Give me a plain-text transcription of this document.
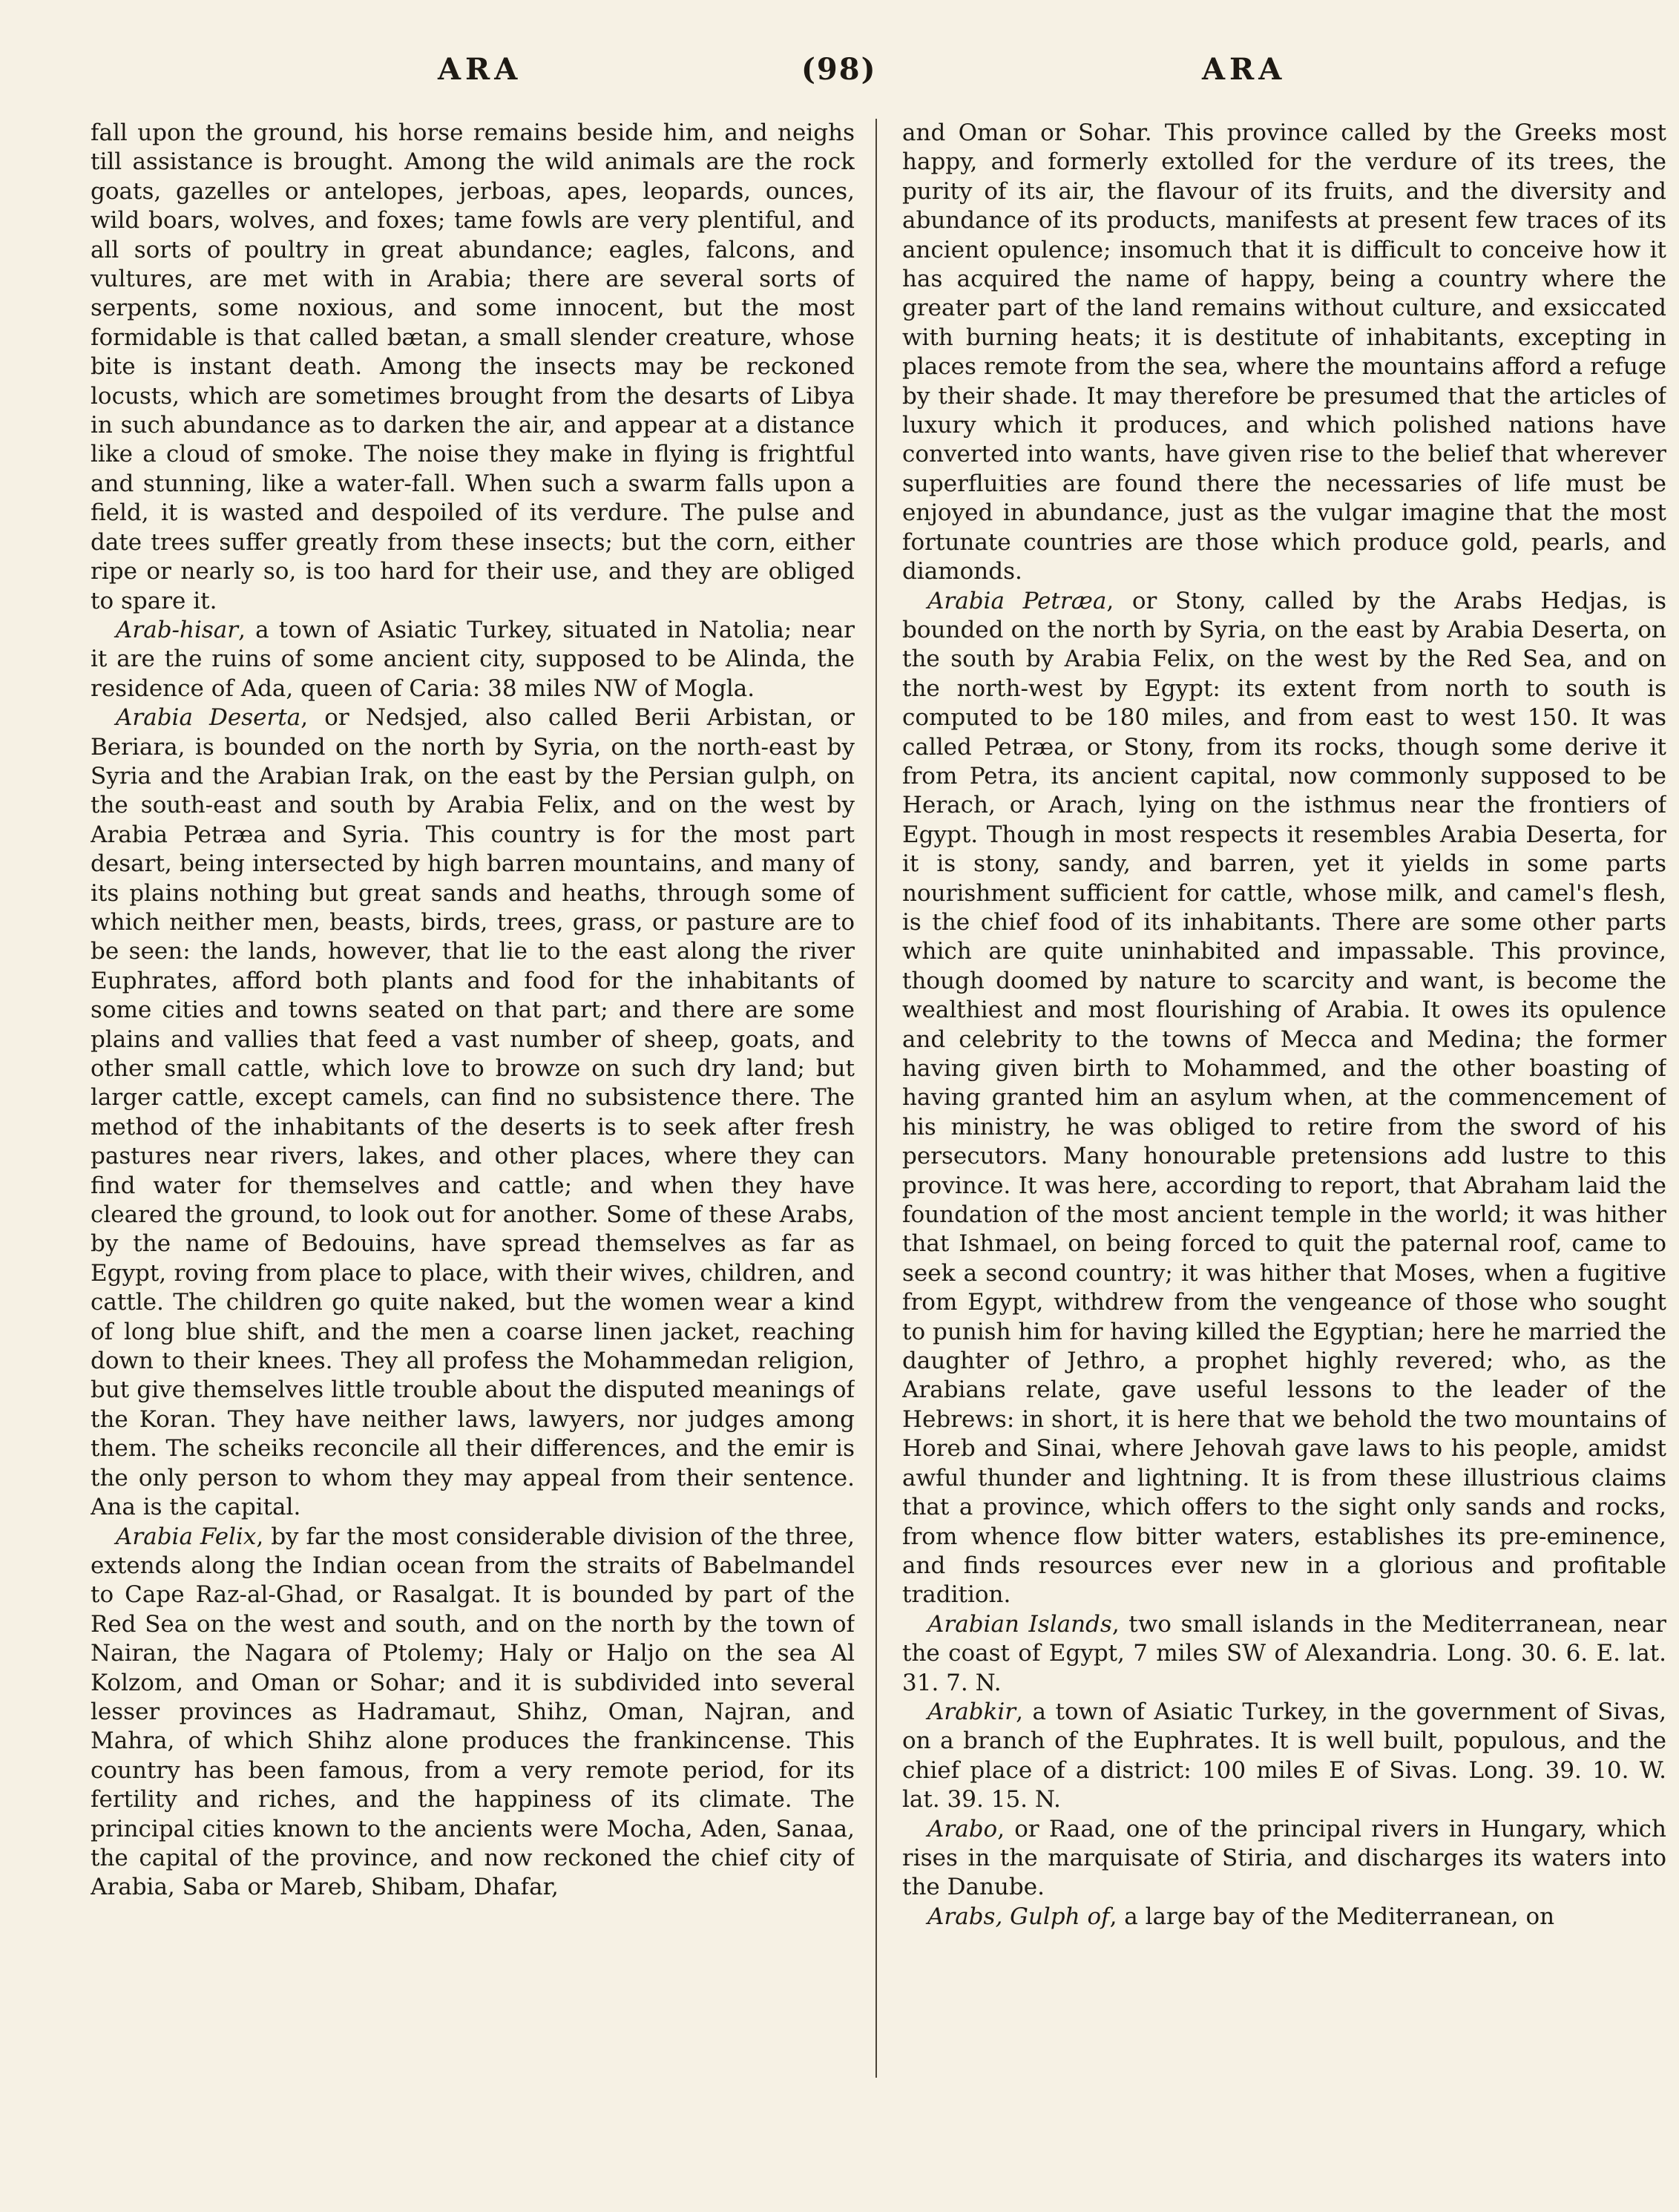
ARA	(98)	ARA

fall upon the ground, his horse remains beside him, and neighs till assistance is brought. Among the wild animals are the rock goats, gazelles or antelopes, jerboas, apes, leopards, ounces, wild boars, wolves, and foxes; tame fowls are very plentiful, and all sorts of poultry in great abundance; eagles, falcons, and vultures, are met with in Arabia; there are several sorts of serpents, some noxious, and some innocent, but the most formidable is that called bætan, a small slender creature, whose bite is instant death. Among the insects may be reckoned locusts, which are sometimes brought from the desarts of Libya in such abundance as to darken the air, and appear at a distance like a cloud of smoke. The noise they make in flying is frightful and stunning, like a water-fall. When such a swarm falls upon a field, it is wasted and despoiled of its verdure. The pulse and date trees suffer greatly from these insects; but the corn, either ripe or nearly so, is too hard for their use, and they are obliged to spare it.

Arab-hisar, a town of Asiatic Turkey, situated in Natolia; near it are the ruins of some ancient city, supposed to be Alinda, the residence of Ada, queen of Caria: 38 miles NW of Mogla.

Arabia Deserta, or Nedsjed, also called Berii Arbistan, or Beriara, is bounded on the north by Syria, on the north-east by Syria and the Arabian Irak, on the east by the Persian gulph, on the south-east and south by Arabia Felix, and on the west by Arabia Petræa and Syria. This country is for the most part desart, being intersected by high barren mountains, and many of its plains nothing but great sands and heaths, through some of which neither men, beasts, birds, trees, grass, or pasture are to be seen: the lands, however, that lie to the east along the river Euphrates, afford both plants and food for the inhabitants of some cities and towns seated on that part; and there are some plains and vallies that feed a vast number of sheep, goats, and other small cattle, which love to browze on such dry land; but larger cattle, except camels, can find no subsistence there. The method of the inhabitants of the deserts is to seek after fresh pastures near rivers, lakes, and other places, where they can find water for themselves and cattle; and when they have cleared the ground, to look out for another. Some of these Arabs, by the name of Bedouins, have spread themselves as far as Egypt, roving from place to place, with their wives, children, and cattle. The children go quite naked, but the women wear a kind of long blue shift, and the men a coarse linen jacket, reaching down to their knees. They all profess the Mohammedan religion, but give themselves little trouble about the disputed meanings of the Koran. They have neither laws, lawyers, nor judges among them. The scheiks reconcile all their differences, and the emir is the only person to whom they may appeal from their sentence. Ana is the capital.

Arabia Felix, by far the most considerable division of the three, extends along the Indian ocean from the straits of Babelmandel to Cape Raz-al-Ghad, or Rasalgat. It is bounded by part of the Red Sea on the west and south, and on the north by the town of Nairan, the Nagara of Ptolemy; Haly or Haljo on the sea Al Kolzom, and Oman or Sohar; and it is subdivided into several lesser provinces as Hadramaut, Shihz, Oman, Najran, and Mahra, of which Shihz alone produces the frankincense. This country has been famous, from a very remote period, for its fertility and riches, and the happiness of its climate. The principal cities known to the ancients were Mocha, Aden, Sanaa, the capital of the province, and now reckoned the chief city of Arabia, Saba or Mareb, Shibam, Dhafar,

and Oman or Sohar. This province called by the Greeks most happy, and formerly extolled for the verdure of its trees, the purity of its air, the flavour of its fruits, and the diversity and abundance of its products, manifests at present few traces of its ancient opulence; insomuch that it is difficult to conceive how it has acquired the name of happy, being a country where the greater part of the land remains without culture, and exsiccated with burning heats; it is destitute of inhabitants, excepting in places remote from the sea, where the mountains afford a refuge by their shade. It may therefore be presumed that the articles of luxury which it produces, and which polished nations have converted into wants, have given rise to the belief that wherever superfluities are found there the necessaries of life must be enjoyed in abundance, just as the vulgar imagine that the most fortunate countries are those which produce gold, pearls, and diamonds.

Arabia Petræa, or Stony, called by the Arabs Hedjas, is bounded on the north by Syria, on the east by Arabia Deserta, on the south by Arabia Felix, on the west by the Red Sea, and on the north-west by Egypt: its extent from north to south is computed to be 180 miles, and from east to west 150. It was called Petræa, or Stony, from its rocks, though some derive it from Petra, its ancient capital, now commonly supposed to be Herach, or Arach, lying on the isthmus near the frontiers of Egypt. Though in most respects it resembles Arabia Deserta, for it is stony, sandy, and barren, yet it yields in some parts nourishment sufficient for cattle, whose milk, and camel's flesh, is the chief food of its inhabitants. There are some other parts which are quite uninhabited and impassable. This province, though doomed by nature to scarcity and want, is become the wealthiest and most flourishing of Arabia. It owes its opulence and celebrity to the towns of Mecca and Medina; the former having given birth to Mohammed, and the other boasting of having granted him an asylum when, at the commencement of his ministry, he was obliged to retire from the sword of his persecutors. Many honourable pretensions add lustre to this province. It was here, according to report, that Abraham laid the foundation of the most ancient temple in the world; it was hither that Ishmael, on being forced to quit the paternal roof, came to seek a second country; it was hither that Moses, when a fugitive from Egypt, withdrew from the vengeance of those who sought to punish him for having killed the Egyptian; here he married the daughter of Jethro, a prophet highly revered; who, as the Arabians relate, gave useful lessons to the leader of the Hebrews: in short, it is here that we behold the two mountains of Horeb and Sinai, where Jehovah gave laws to his people, amidst awful thunder and lightning. It is from these illustrious claims that a province, which offers to the sight only sands and rocks, from whence flow bitter waters, establishes its pre-eminence, and finds resources ever new in a glorious and profitable tradition.

Arabian Islands, two small islands in the Mediterranean, near the coast of Egypt, 7 miles SW of Alexandria. Long. 30. 6. E. lat. 31. 7. N.

Arabkir, a town of Asiatic Turkey, in the government of Sivas, on a branch of the Euphrates. It is well built, populous, and the chief place of a district: 100 miles E of Sivas. Long. 39. 10. W. lat. 39. 15. N.

Arabo, or Raad, one of the principal rivers in Hungary, which rises in the marquisate of Stiria, and discharges its waters into the Danube.

Arabs, Gulph of, a large bay of the Mediterranean, on
